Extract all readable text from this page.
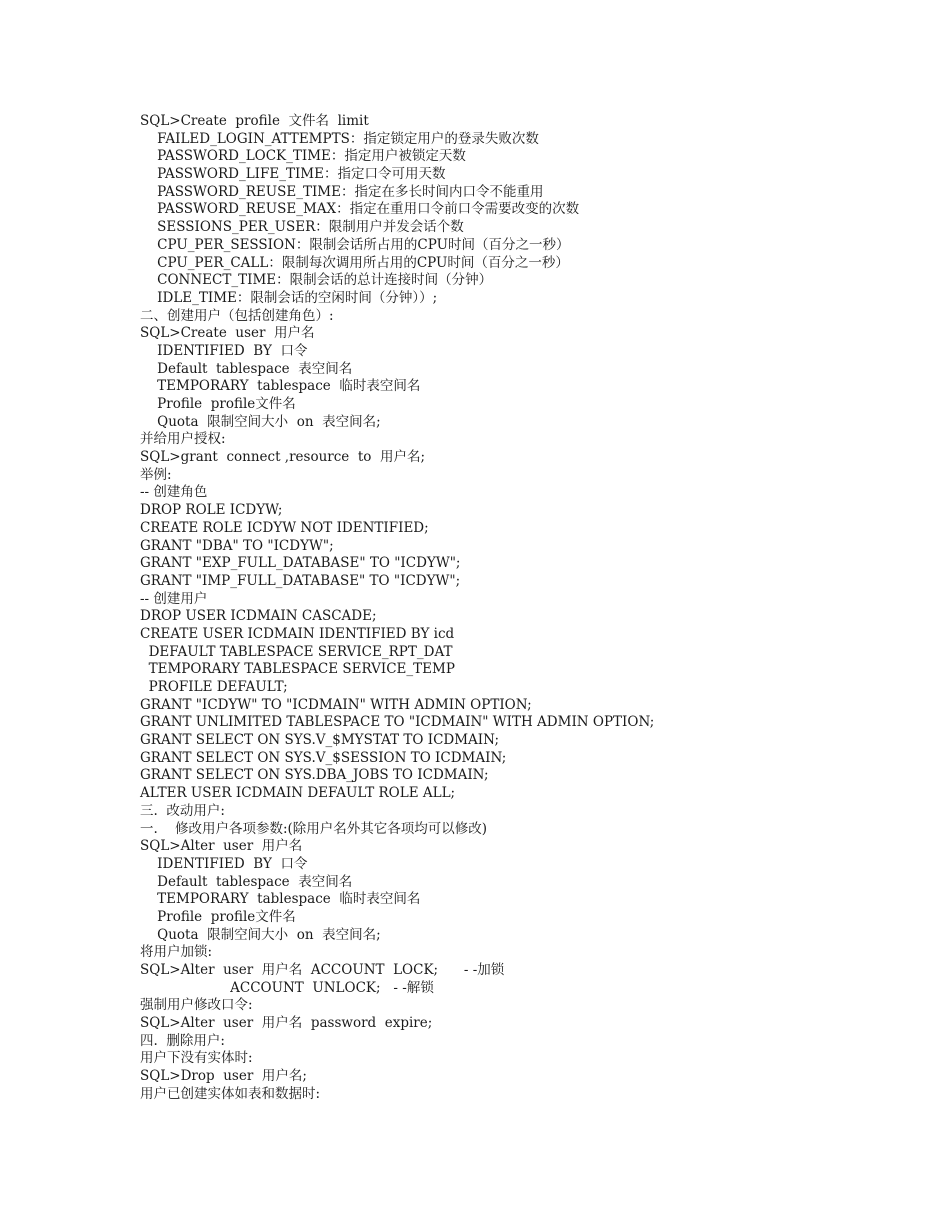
SQL>Create  profile  文件名  limit
FAILED_LOGIN_ATTEMPTS：指定锁定用户的登录失败次数
PASSWORD_LOCK_TIME：指定用户被锁定天数
PASSWORD_LIFE_TIME：指定口令可用天数
PASSWORD_REUSE_TIME：指定在多长时间内口令不能重用
PASSWORD_REUSE_MAX：指定在重用口令前口令需要改变的次数
SESSIONS_PER_USER：限制用户并发会话个数
CPU_PER_SESSION：限制会话所占用的CPU时间（百分之一秒）
CPU_PER_CALL：限制每次调用所占用的CPU时间（百分之一秒）
CONNECT_TIME：限制会话的总计连接时间（分钟）
IDLE_TIME：限制会话的空闲时间（分钟））;
二、创建用户（包括创建角色）:
SQL>Create  user  用户名
IDENTIFIED  BY  口令
Default  tablespace  表空间名
TEMPORARY  tablespace  临时表空间名
Profile  profile文件名
Quota  限制空间大小  on  表空间名;
并给用户授权:
SQL>grant  connect ,resource  to  用户名;
举例:
-- 创建角色
DROP ROLE ICDYW;
CREATE ROLE ICDYW NOT IDENTIFIED;
GRANT "DBA" TO "ICDYW";
GRANT "EXP_FULL_DATABASE" TO "ICDYW";
GRANT "IMP_FULL_DATABASE" TO "ICDYW";
-- 创建用户
DROP USER ICDMAIN CASCADE;
CREATE USER ICDMAIN IDENTIFIED BY icd
DEFAULT TABLESPACE SERVICE_RPT_DAT
TEMPORARY TABLESPACE SERVICE_TEMP
PROFILE DEFAULT;
GRANT "ICDYW" TO "ICDMAIN" WITH ADMIN OPTION;
GRANT UNLIMITED TABLESPACE TO "ICDMAIN" WITH ADMIN OPTION;
GRANT SELECT ON SYS.V_$MYSTAT TO ICDMAIN;
GRANT SELECT ON SYS.V_$SESSION TO ICDMAIN;
GRANT SELECT ON SYS.DBA_JOBS TO ICDMAIN;
ALTER USER ICDMAIN DEFAULT ROLE ALL;
三.  改动用户:
一.    修改用户各项参数:(除用户名外其它各项均可以修改)
SQL>Alter  user  用户名
IDENTIFIED  BY  口令
Default  tablespace  表空间名
TEMPORARY  tablespace  临时表空间名
Profile  profile文件名
Quota  限制空间大小  on  表空间名;
将用户加锁:
SQL>Alter  user  用户名  ACCOUNT  LOCK;      - -加锁
ACCOUNT  UNLOCK;   - -解锁
强制用户修改口令:
SQL>Alter  user  用户名  password  expire;
四.  删除用户:
用户下没有实体时:
SQL>Drop  user  用户名;
用户已创建实体如表和数据时:
